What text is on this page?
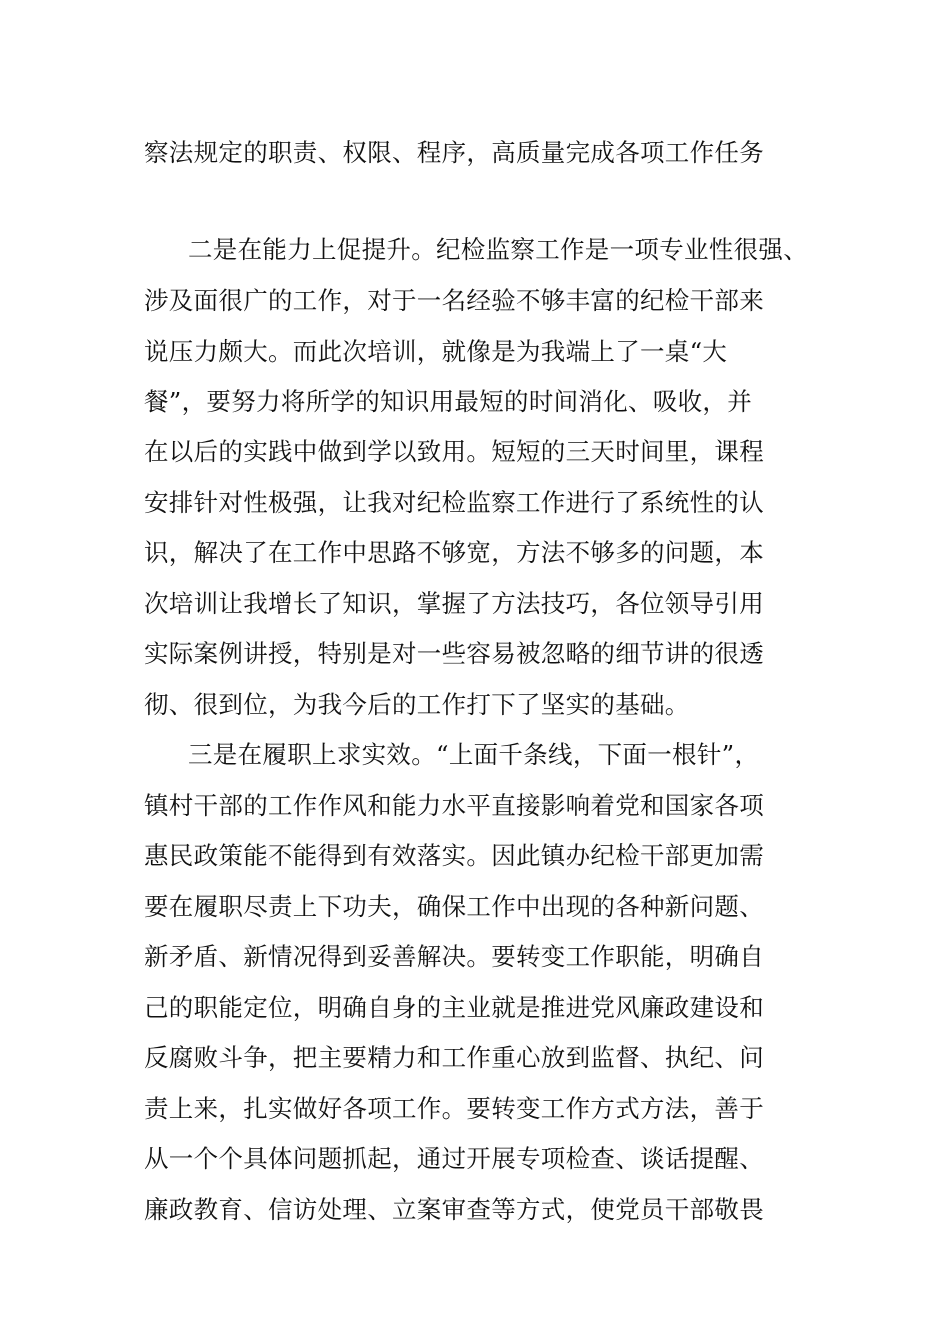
察法规定的职责、权限、程序，高质量完成各项工作任务
二是在能力上促提升。纪检监察工作是一项专业性很强、
涉及面很广的工作，对于一名经验不够丰富的纪检干部来
说压力颇大。而此次培训，就像是为我端上了一桌“大
餐”，要努力将所学的知识用最短的时间消化、吸收，并
在以后的实践中做到学以致用。短短的三天时间里，课程
安排针对性极强，让我对纪检监察工作进行了系统性的认
识，解决了在工作中思路不够宽，方法不够多的问题，本
次培训让我增长了知识，掌握了方法技巧，各位领导引用
实际案例讲授，特别是对一些容易被忽略的细节讲的很透
彻、很到位，为我今后的工作打下了坚实的基础。
三是在履职上求实效。“上面千条线，下面一根针”，
镇村干部的工作作风和能力水平直接影响着党和国家各项
惠民政策能不能得到有效落实。因此镇办纪检干部更加需
要在履职尽责上下功夫，确保工作中出现的各种新问题、
新矛盾、新情况得到妥善解决。要转变工作职能，明确自
己的职能定位，明确自身的主业就是推进党风廉政建设和
反腐败斗争，把主要精力和工作重心放到监督、执纪、问
责上来，扎实做好各项工作。要转变工作方式方法，善于
从一个个具体问题抓起，通过开展专项检查、谈话提醒、
廉政教育、信访处理、立案审查等方式，使党员干部敬畏
